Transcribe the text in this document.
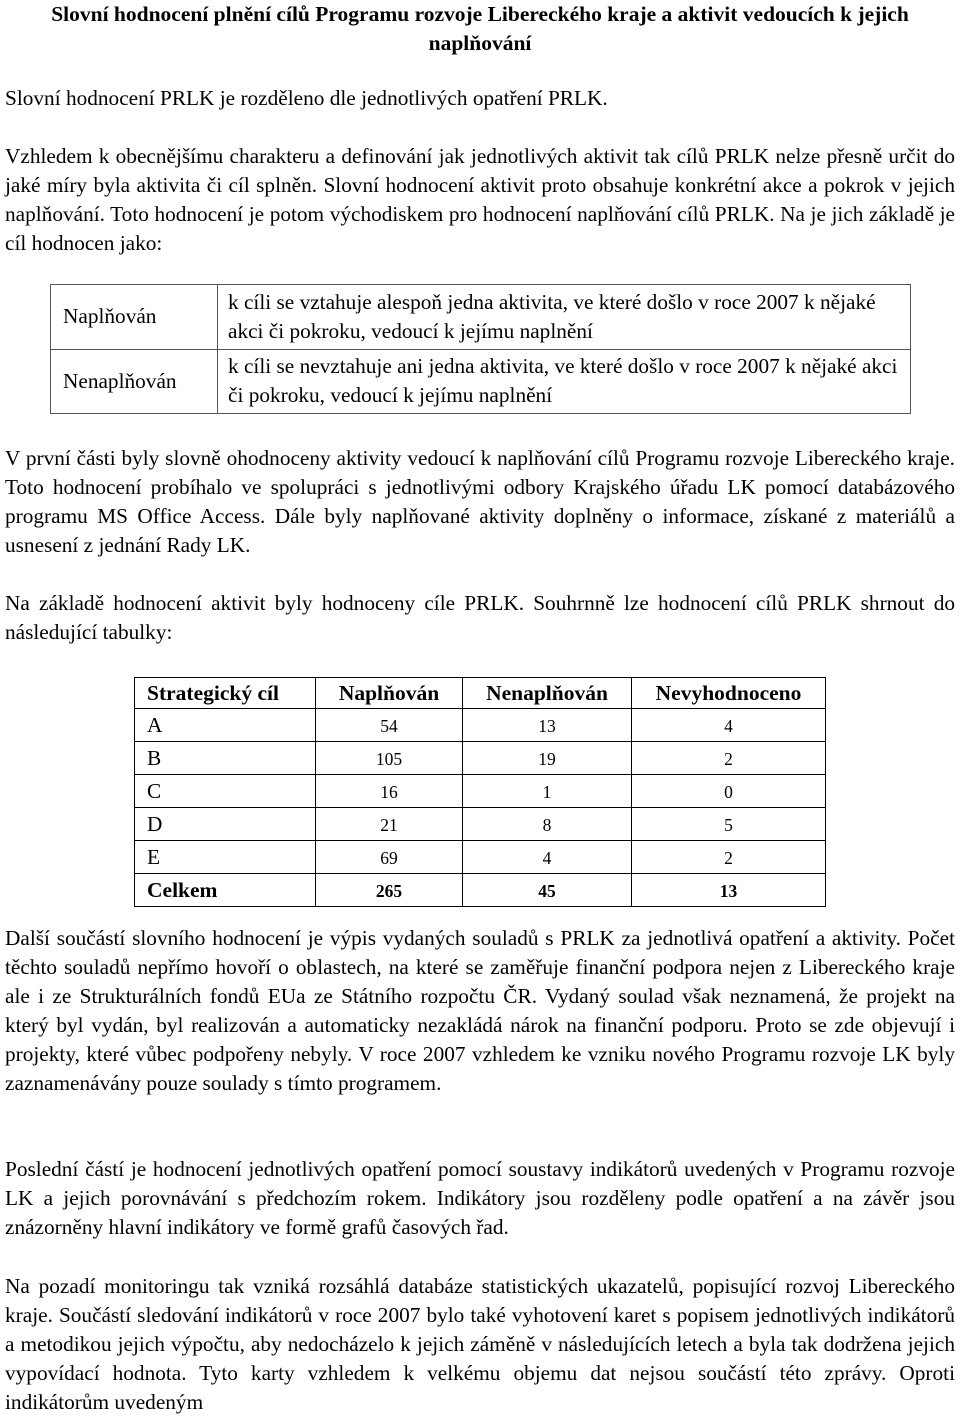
Slovní hodnocení plnění cílů Programu rozvoje Libereckého kraje a aktivit vedoucích k jejich naplňování
Slovní hodnocení PRLK je rozděleno dle jednotlivých opatření PRLK.
Vzhledem k obecnějšímu charakteru a definování jak jednotlivých aktivit tak cílů PRLK nelze přesně určit do jaké míry byla aktivita či cíl splněn. Slovní hodnocení aktivit proto obsahuje konkrétní akce a pokrok v jejich naplňování. Toto hodnocení je potom východiskem pro hodnocení naplňování cílů PRLK. Na je jich základě je cíl hodnocen jako:
Naplňován	k cíli se vztahuje alespoň jedna aktivita, ve které došlo v roce 2007 k nějaké akci či pokroku, vedoucí k jejímu naplnění
Nenaplňován	k cíli se nevztahuje ani jedna aktivita, ve které došlo v roce 2007 k nějaké akci či pokroku, vedoucí k jejímu naplnění
V první části byly slovně ohodnoceny aktivity vedoucí k naplňování cílů Programu rozvoje Libereckého kraje. Toto hodnocení probíhalo ve spolupráci s jednotlivými odbory Krajského úřadu LK pomocí databázového programu MS Office Access. Dále byly naplňované aktivity doplněny o informace, získané z materiálů a usnesení z jednání Rady LK.
Na základě hodnocení aktivit byly hodnoceny cíle PRLK. Souhrnně lze hodnocení cílů PRLK shrnout do následující tabulky:
Strategický cíl	Naplňován	Nenaplňován	Nevyhodnoceno
A	54	13	4
B	105	19	2
C	16	1	0
D	21	8	5
E	69	4	2
Celkem	265	45	13
Další součástí slovního hodnocení je výpis vydaných souladů s PRLK za jednotlivá opatření a aktivity. Počet těchto souladů nepřímo hovoří o oblastech, na které se zaměřuje finanční podpora nejen z Libereckého kraje ale i ze Strukturálních fondů EUa ze Státního rozpočtu ČR. Vydaný soulad však neznamená, že projekt na který byl vydán, byl realizován a automaticky nezakládá nárok na finanční podporu. Proto se zde objevují i projekty, které vůbec podpořeny nebyly. V roce 2007 vzhledem ke vzniku nového Programu rozvoje LK byly zaznamenávány pouze soulady s tímto programem.
Poslední částí je hodnocení jednotlivých opatření pomocí soustavy indikátorů uvedených v Programu rozvoje LK a jejich porovnávání s předchozím rokem. Indikátory jsou rozděleny podle opatření a na závěr jsou znázorněny hlavní indikátory ve formě grafů časových řad.
Na pozadí monitoringu tak vzniká rozsáhlá databáze statistických ukazatelů, popisující rozvoj Libereckého kraje. Součástí sledování indikátorů v roce 2007 bylo také vyhotovení karet s popisem jednotlivých indikátorů a metodikou jejich výpočtu, aby nedocházelo k jejich záměně v následujících letech a byla tak dodržena jejich vypovídací hodnota. Tyto karty vzhledem k velkému objemu dat nejsou součástí této zprávy. Oproti indikátorům uvedeným
